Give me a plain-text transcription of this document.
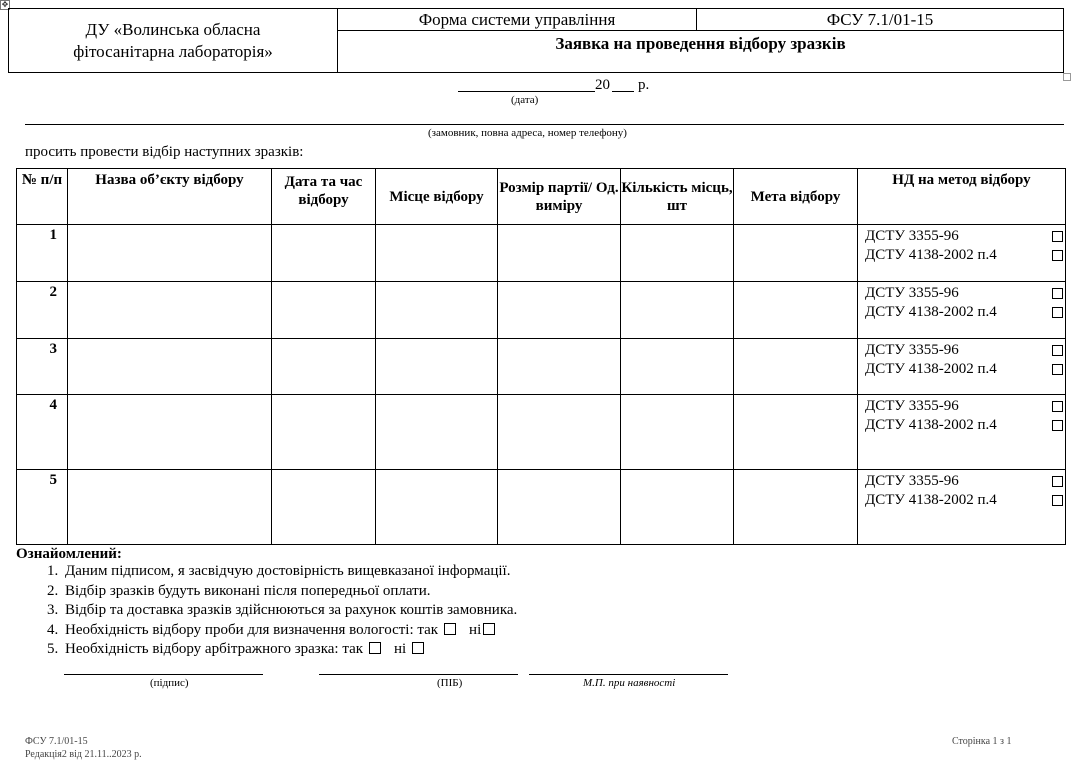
✥
ДУ «Волинська обласна
фітосанітарна лабораторія»
Форма системи управління	ФСУ 7.1/01-15
Заявка на проведення відбору зразків
20 р.
(дата)
(замовник, повна адреса, номер телефону)
просить провести відбір наступних зразків:
№ п/п	Назва об’єкту відбору	Дата та час відбору	Місце відбору	Розмір партії/ Од. виміру	Кількість місць, шт	Мета відбору	НД на метод відбору
1							ДСТУ 3355-96
ДСТУ 4138-2002 п.4

2							ДСТУ 3355-96
ДСТУ 4138-2002 п.4

3							ДСТУ 3355-96
ДСТУ 4138-2002 п.4

4							ДСТУ 3355-96
ДСТУ 4138-2002 п.4

5							ДСТУ 3355-96
ДСТУ 4138-2002 п.4
Ознайомлений:
1. Даним підписом, я засвідчую достовірність вищевказаної інформації.
2. Відбір зразків будуть виконані після попередньої оплати.
3. Відбір та доставка зразків здійснюються за рахунок коштів замовника.
4. Необхідність відбору проби для визначення вологості: так ні
5. Необхідність відбору арбітражного зразка: так ні
(підпис)	(ПІБ)	М.П. при наявності
ФСУ 7.1/01-15
Редакція2 від 21.11..2023 р.
Сторінка 1 з 1
